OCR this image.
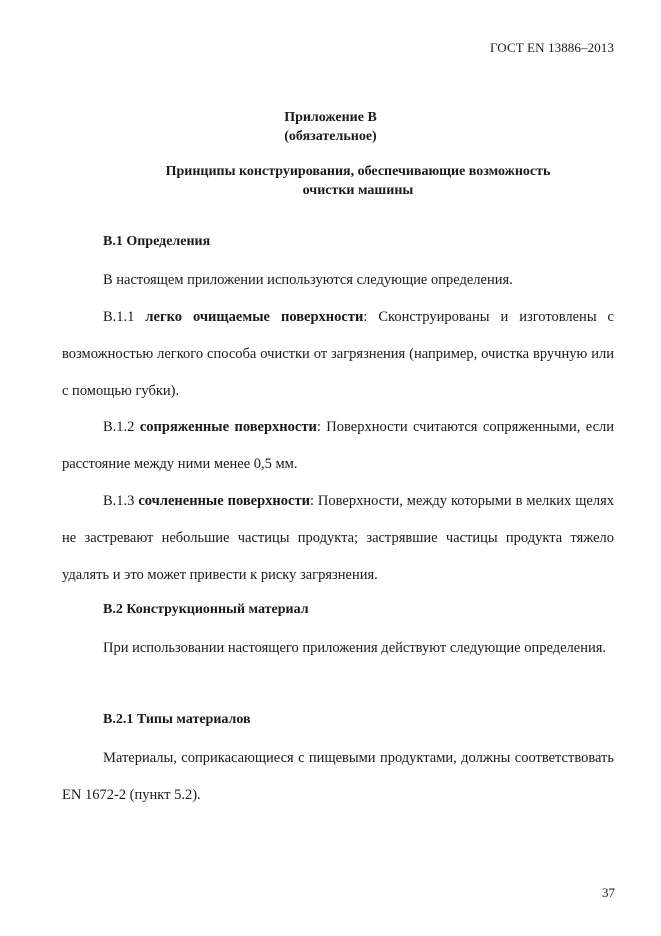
ГОСТ EN 13886–2013
Приложение B
(обязательное)
Принципы конструирования, обеспечивающие возможность
очистки машины
B.1 Определения
В настоящем приложении используются следующие определения.
B.1.1 легко очищаемые поверхности: Сконструированы и изготовлены с возможностью легкого способа очистки от загрязнения (например, очистка вручную или с помощью губки).
B.1.2 сопряженные поверхности: Поверхности считаются сопряженными, если расстояние между ними менее 0,5 мм.
B.1.3 сочлененные поверхности: Поверхности, между которыми в мелких щелях не застревают небольшие частицы продукта; застрявшие частицы продукта тяжело удалять и это может привести к риску загрязнения.
B.2 Конструкционный материал
При использовании настоящего приложения действуют следующие определения.
B.2.1 Типы материалов
Материалы, соприкасающиеся с пищевыми продуктами, должны соответствовать EN 1672-2 (пункт 5.2).
37
